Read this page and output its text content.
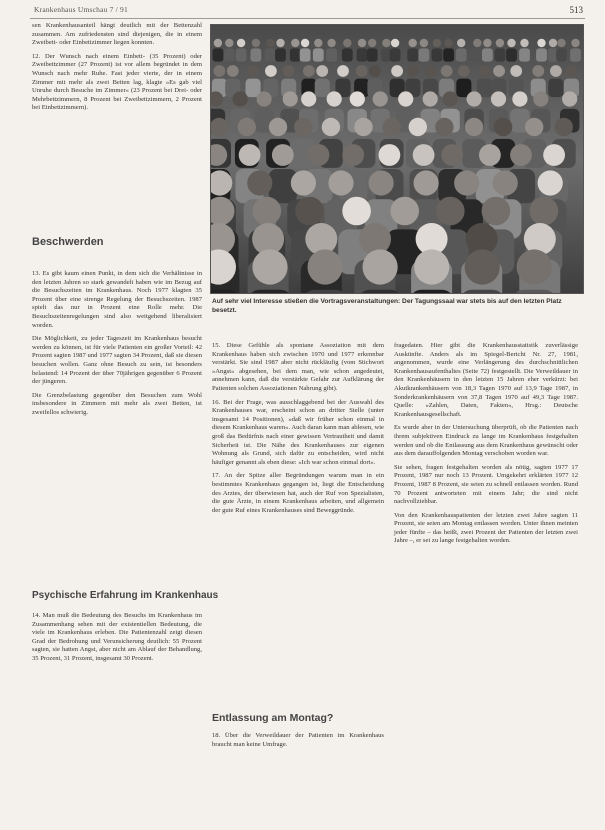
Krankenhaus Umschau 7 / 91	513

sen Krankenhausanteil hängt deutlich mit der Bettenzahl zusammen. Am zufriedensten sind diejenigen, die in einem Zweibett- oder Einbettzimmer liegen konnten.

12. Der Wunsch nach einem Einbett- (35 Prozent) oder Zweibettzimmer (27 Prozent) ist vor allem begründet in dem Wunsch nach mehr Ruhe. Fast jeder vierte, der in einem Zimmer mit mehr als zwei Betten lag, klagte »Es gab viel Unruhe durch Besuche im Zimmer« (23 Prozent bei Drei- oder Mehrbettzimmern, 8 Prozent bei Zweibettzimmern, 2 Prozent bei Einbettzimmern).

Beschwerden

13. Es gibt kaum einen Punkt, in dem sich die Verhältnisse in den letzten Jahren so stark gewandelt haben wie im Bezug auf die Besuchszeiten im Krankenhaus. Noch 1977 klagten 35 Prozent über eine strenge Regelung der Besuchszeiten. 1987 spielt das nur in Prozent eine Rolle mehr. Die Besuchszeitenregelungen sind also weitgehend liberalisiert worden.

Die Möglichkeit, zu jeder Tageszeit im Krankenhaus besucht werden zu können, ist für viele Patienten ein großer Vorteil: 42 Prozent sagten 1987 und 1977 sagten 34 Prozent, daß sie diesen besuchen wollen. Ganz ohne Besuch zu sein, ist besonders belastend: 14 Prozent der über 70jährigen gegenüber 6 Prozent der jüngeren.

Die Grenzbelastung gegenüber den Besuchen zum Wohl insbesondere in Zimmern mit mehr als zwei Betten, ist zweifellos schwierig.

Psychische Erfahrung im Krankenhaus

14. Man muß die Bedeutung des Besuchs im Krankenhaus im Zusammenhang sehen mit der existentiellen Bedeutung, die viele im Krankenhaus erleben. Die Patientenzahl zeigt diesen Grad der Bedrohung und Verunsicherung deutlich: 55 Prozent sagten, sie hatten Angst, aber nicht am Ablauf der Behandlung, 35 Prozent, 31 Prozent, insgesamt 30 Prozent.

Auf sehr viel Interesse stießen die Vortragsveranstaltungen: Der Tagungssaal war stets bis auf den letzten Platz besetzt.

15. Diese Gefühle als spontane Assoziation mit dem Krankenhaus haben sich zwischen 1970 und 1977 erkennbar verstärkt. Sie sind 1987 aber nicht rückläufig (vom Stichwort »Angst« abgesehen, bei dem man, wie schon angedeutet, annehmen kann, daß die verstärkte Gefahr zur Aufklärung der Patienten solchen Assoziationen Nahrung gibt).

16. Bei der Frage, was ausschlaggebend bei der Auswahl des Krankenhauses war, erscheint schon an dritter Stelle (unter insgesamt 14 Positionen), »daß wir früher schon einmal in diesem Krankenhaus waren«. Auch daran kann man ablesen, wie groß das Bedürfnis nach einer gewissen Vertrautheit und damit Sicherheit ist. Die Nähe des Krankenhauses zur eigenen Wohnung als Grund, sich dafür zu entscheiden, wird nicht häufiger genannt als eben diese: »Ich war schon einmal dort«.

17. An der Spitze aller Begründungen warum man in ein bestimmtes Krankenhaus gegangen ist, liegt die Entscheidung des Arztes, der überwiesen hat, auch der Ruf von Spezialisten, die gute Ärzte, in einem Krankenhaus arbeiten, und allgemein der gute Ruf eines Krankenhauses sind Beweggründe.

Entlassung am Montag?

18. Über die Verweildauer der Patienten im Krankenhaus braucht man keine Umfrage.

fragedaten. Hier gibt die Krankenhausstatistik zuverlässige Auskünfte. Anders als im Spiegel-Bericht Nr. 27, 1981, angenommen, wurde eine Verlängerung des durchschnittlichen Krankenhausaufenthaltes (Seite 72) festgestellt. Die Verweildauer in den Krankenhäusern in den letzten 15 Jahren eher verkürzt: bei Akutkrankenhäusern von 18,3 Tagen 1970 auf 13,9 Tage 1987, in Sonderkrankenhäusern von 37,8 Tagen 1970 auf 49,3 Tage 1987. Quelle: »Zahlen, Daten, Fakten«, Hrsg.: Deutsche Krankenhausgesellschaft.

Es wurde aber in der Untersuchung überprüft, ob die Patienten nach ihrem subjektiven Eindruck zu lange im Krankenhaus festgehalten werden und ob die Entlassung aus dem Krankenhaus gewünscht oder aus dem darauffolgenden Montag verschoben worden war.

Sie sehen, fragen festgehalten worden als nötig, sagten 1977 17 Prozent, 1987 nur noch 13 Prozent. Umgekehrt erklärten 1977 12 Prozent, 1987 8 Prozent, sie seien zu schnell entlassen worden. Rund 70 Prozent antworteten mit einem Jahr; die sind nicht nachvollziehbar.

Von den Krankenhauspatienten der letzten zwei Jahre sagten 11 Prozent, sie seien am Montag entlassen worden. Unter ihnen meinten jeder fünfte – das heißt, zwei Prozent der Patienten der letzten zwei Jahre –, er sei zu lange festgehalten worden.
